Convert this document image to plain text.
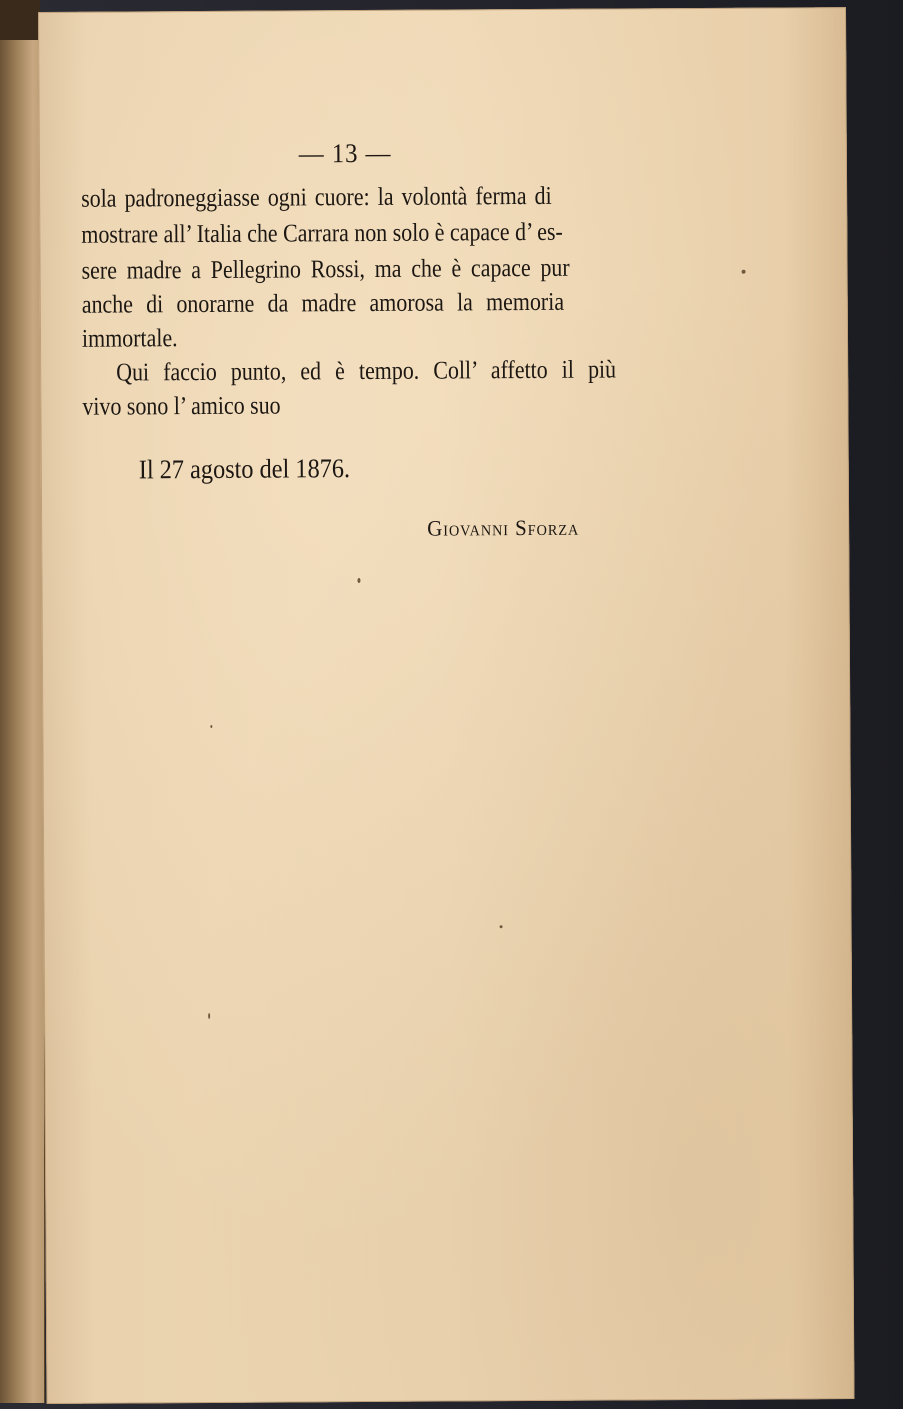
— 13 —
sola padroneggiasse ogni cuore: la volontà ferma di
mostrare all’ Italia che Carrara non solo è capace d’ es-
sere madre a Pellegrino Rossi, ma che è capace pur
anche di onorarne da madre amorosa la memoria
immortale.
Qui faccio punto, ed è tempo. Coll’ affetto il più
vivo sono l’ amico suo
Il 27 agosto del 1876.
Giovanni Sforza
